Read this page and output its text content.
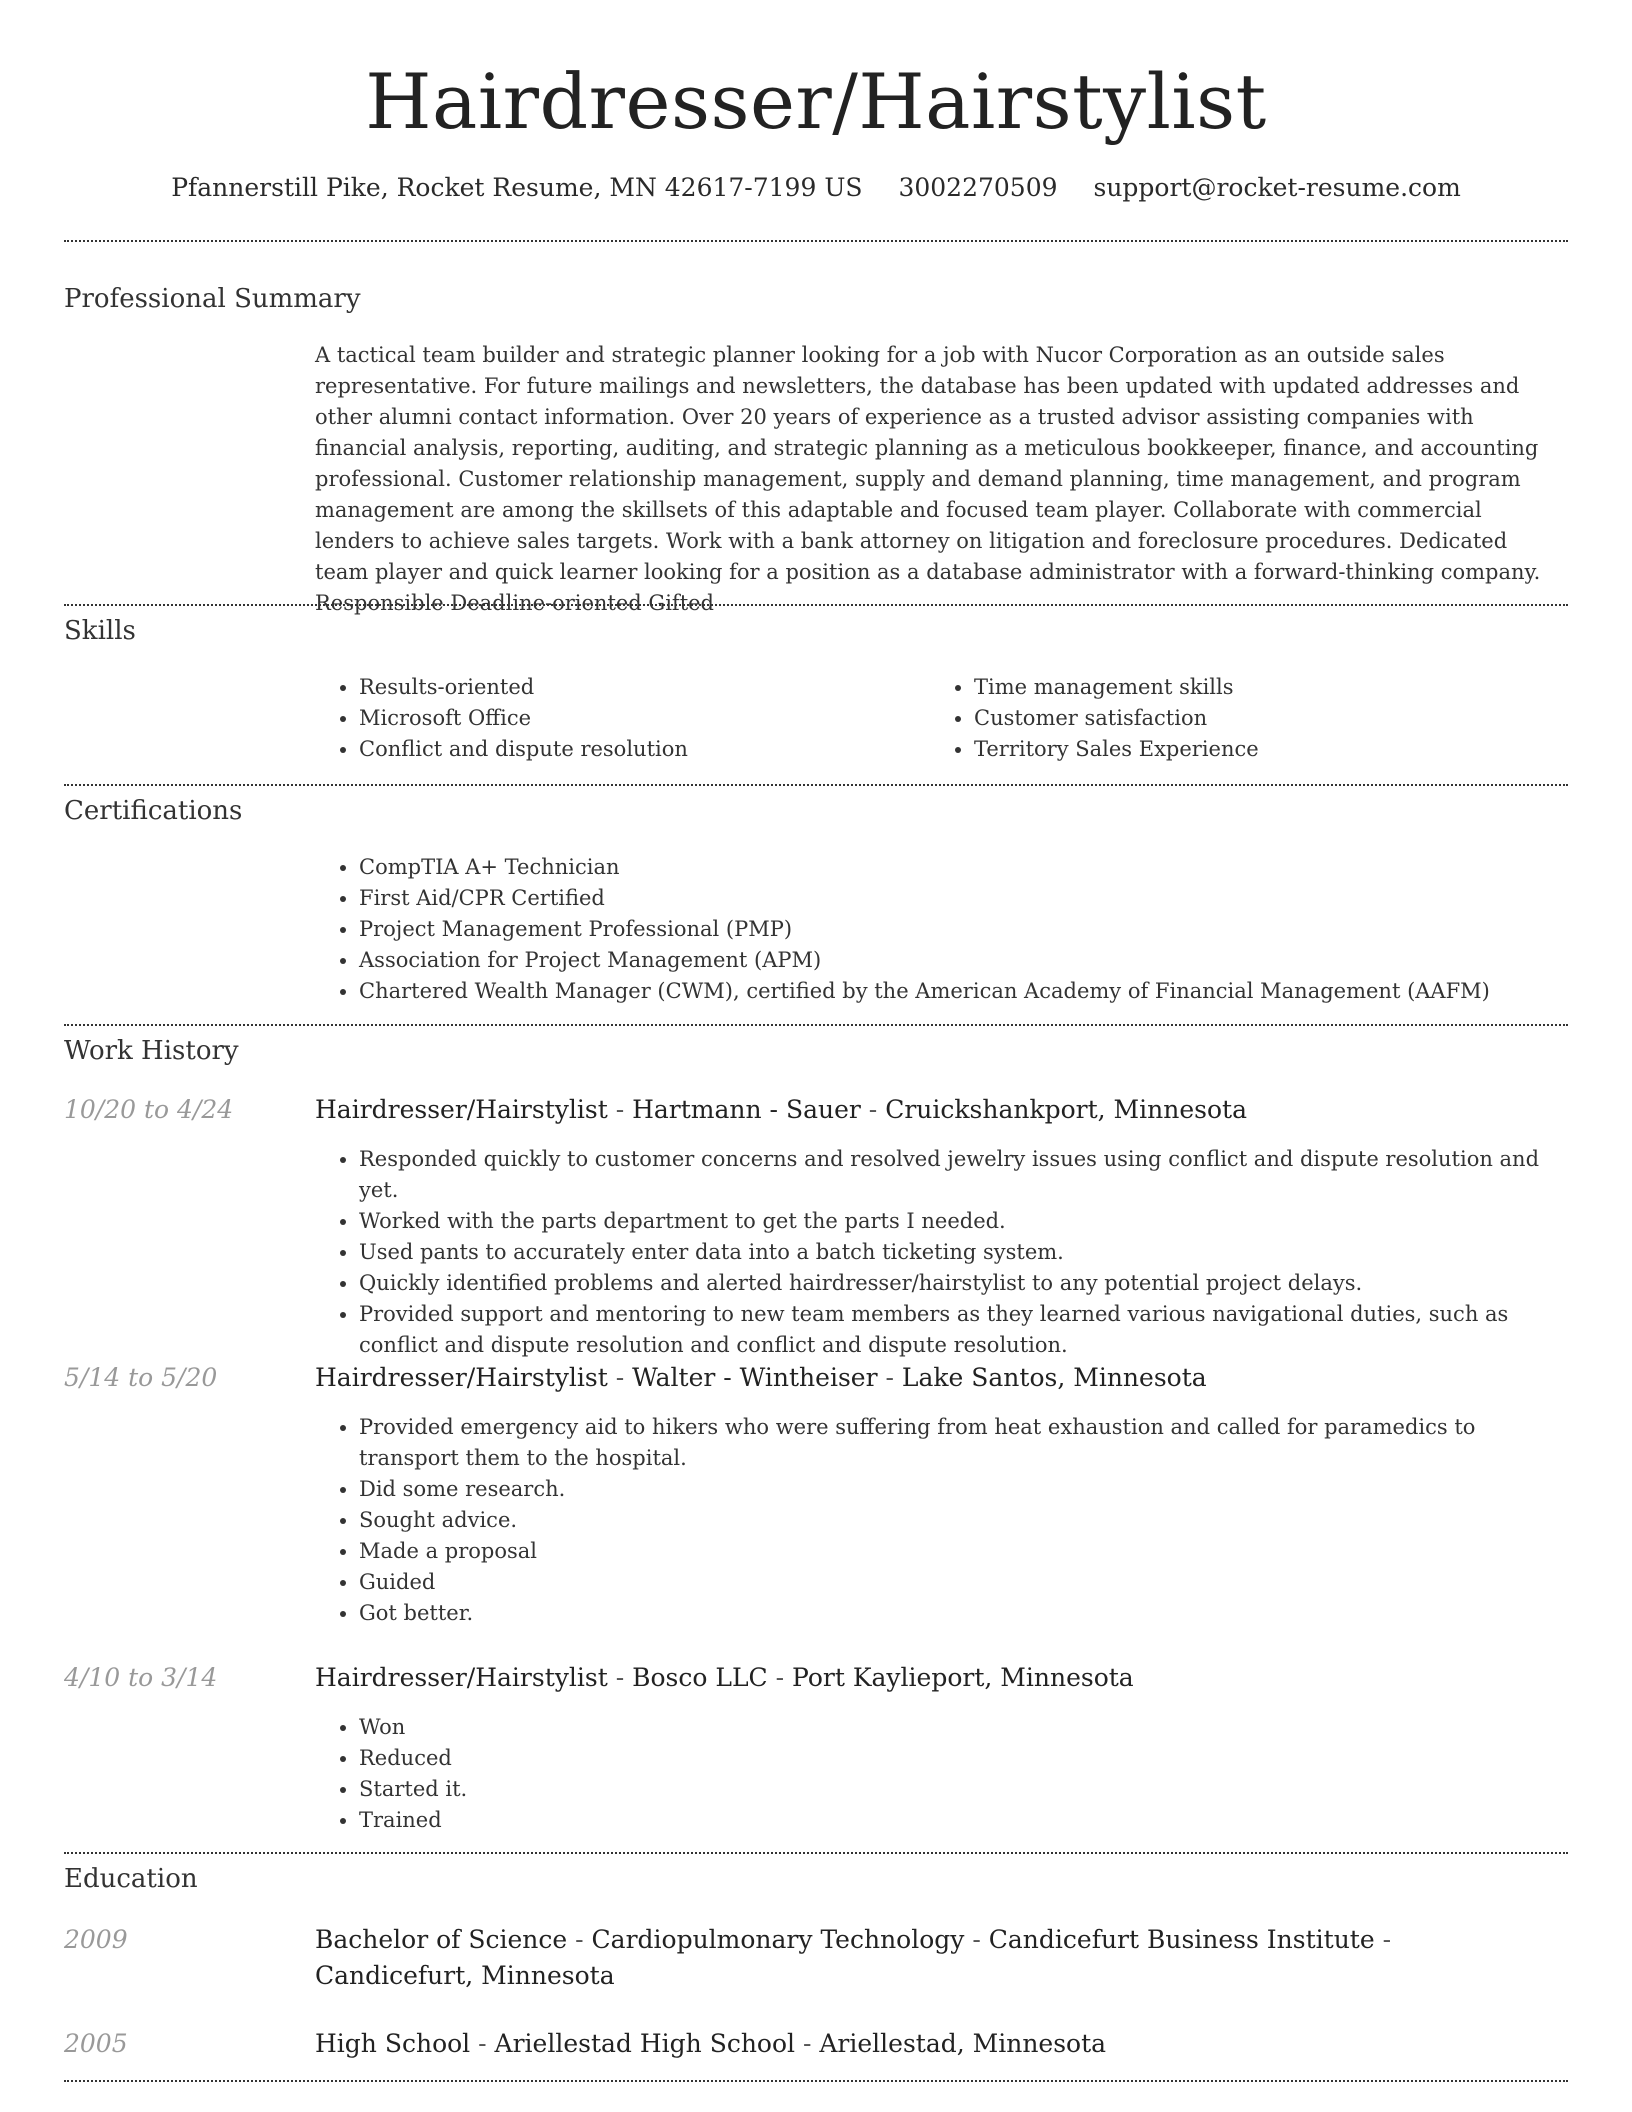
Hairdresser/Hairstylist
Pfannerstill Pike, Rocket Resume, MN 42617-7199 US 3002270509 support@rocket-resume.com
Professional Summary
A tactical team builder and strategic planner looking for a job with Nucor Corporation as an outside sales representative. For future mailings and newsletters, the database has been updated with updated addresses and other alumni contact information. Over 20 years of experience as a trusted advisor assisting companies with financial analysis, reporting, auditing, and strategic planning as a meticulous bookkeeper, finance, and accounting professional. Customer relationship management, supply and demand planning, time management, and program management are among the skillsets of this adaptable and focused team player. Collaborate with commercial lenders to achieve sales targets. Work with a bank attorney on litigation and foreclosure procedures. Dedicated team player and quick learner looking for a position as a database administrator with a forward-thinking company. Responsible Deadline-oriented Gifted
Skills
• Results-oriented
• Microsoft Office
• Conflict and dispute resolution
• Time management skills
• Customer satisfaction
• Territory Sales Experience
Certifications
• CompTIA A+ Technician
• First Aid/CPR Certified
• Project Management Professional (PMP)
• Association for Project Management (APM)
• Chartered Wealth Manager (CWM), certified by the American Academy of Financial Management (AAFM)
Work History
10/20 to 4/24	Hairdresser/Hairstylist - Hartmann - Sauer - Cruickshankport, Minnesota
• Responded quickly to customer concerns and resolved jewelry issues using conflict and dispute resolution and yet.
• Worked with the parts department to get the parts I needed.
• Used pants to accurately enter data into a batch ticketing system.
• Quickly identified problems and alerted hairdresser/hairstylist to any potential project delays.
• Provided support and mentoring to new team members as they learned various navigational duties, such as conflict and dispute resolution and conflict and dispute resolution.
5/14 to 5/20	Hairdresser/Hairstylist - Walter - Wintheiser - Lake Santos, Minnesota
• Provided emergency aid to hikers who were suffering from heat exhaustion and called for paramedics to transport them to the hospital.
• Did some research.
• Sought advice.
• Made a proposal
• Guided
• Got better.
4/10 to 3/14	Hairdresser/Hairstylist - Bosco LLC - Port Kaylieport, Minnesota
• Won
• Reduced
• Started it.
• Trained
Education
2009	Bachelor of Science - Cardiopulmonary Technology - Candicefurt Business Institute - Candicefurt, Minnesota
2005	High School - Ariellestad High School - Ariellestad, Minnesota
